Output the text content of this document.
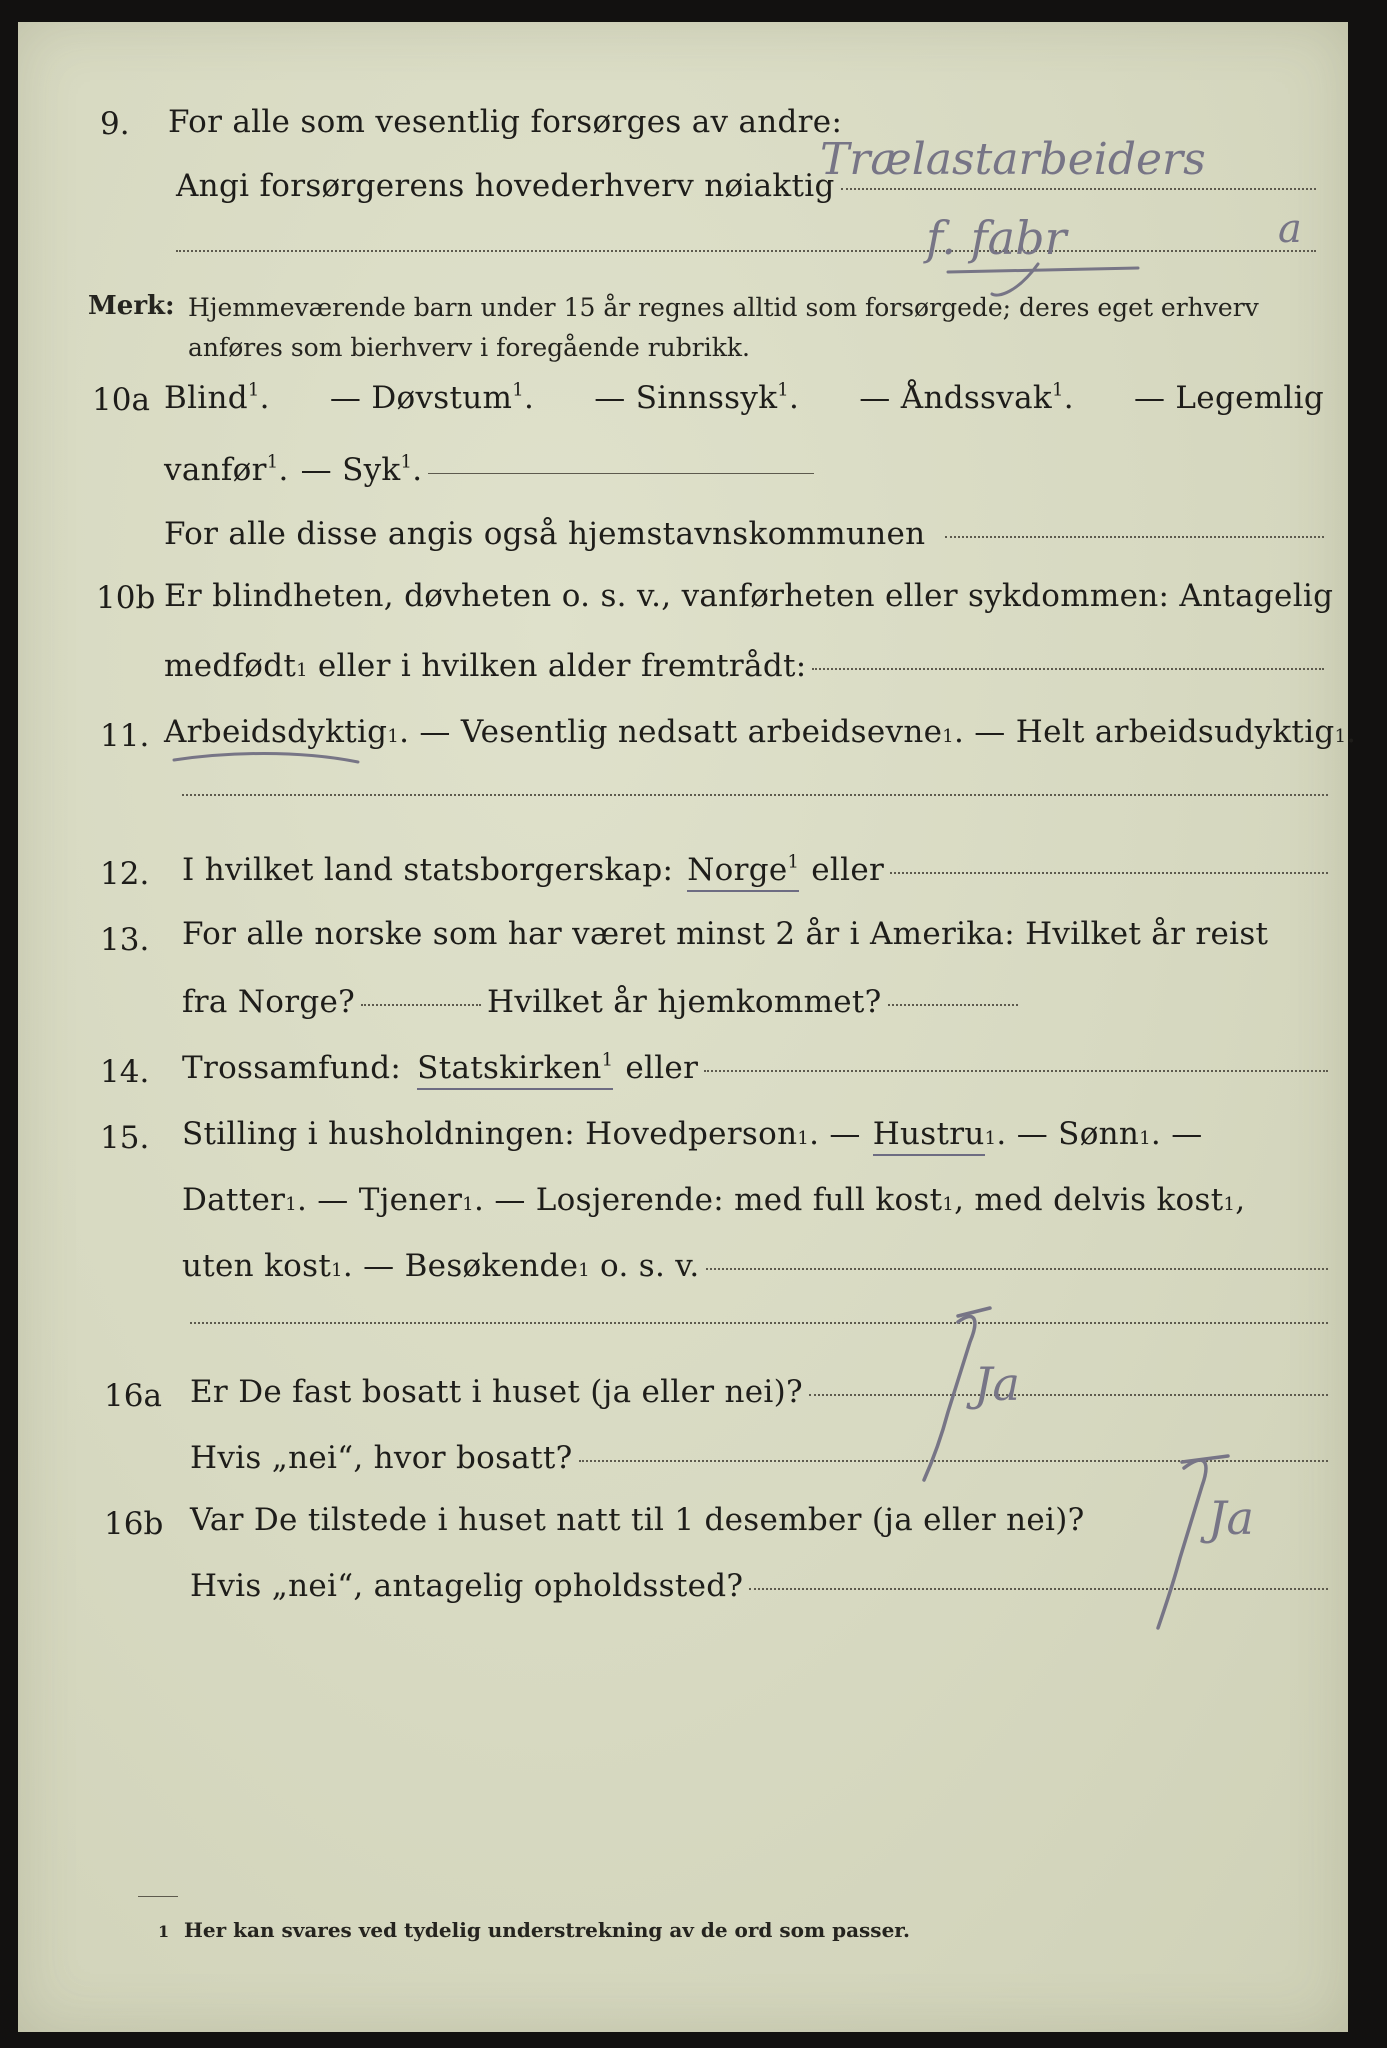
9. For alle som vesentlig forsørges av andre:
Angi forsørgerens hovederhverv nøiaktig
Trælastarbeiders
f. fabr	a
Merk: Hjemmeværende barn under 15 år regnes alltid som forsørgede; deres eget erhverv
anføres som bierhverv i foregående rubrikk.
10a Blind$^1$. — Døvstum$^1$. — Sinnssyk$^1$. — Åndssvak$^1$. — Legemlig
vanfør$^1$. — Syk$^1$.
For alle disse angis også hjemstavnskommunen
10b Er blindheten, døvheten o. s. v., vanførheten eller sykdommen: Antagelig
medfødt 1 eller i hvilken alder fremtrådt:
11. Arbeidsdyktig 1 . — Vesentlig nedsatt arbeidsevne 1 . — Helt arbeidsudyktig 1 .
12. I hvilket land statsborgerskap: Norge$^1$ eller
13. For alle norske som har været minst 2 år i Amerika: Hvilket år reist
fra Norge?	Hvilket år hjemkommet?
14. Trossamfund: Statskirken$^1$ eller
15. Stilling i husholdningen: Hovedperson 1 . — Hustru 1 . — Sønn 1 . —
Datter 1 . — Tjener 1 . — Losjerende: med full kost 1 , med delvis kost 1 ,
uten kost 1 . — Besøkende 1 o. s. v.
16a Er De fast bosatt i huset (ja eller nei)?
Hvis „nei“, hvor bosatt?
Ja
16b Var De tilstede i huset natt til 1 desember (ja eller nei)?
Hvis „nei“, antagelig opholdssted?
Ja
1 Her kan svares ved tydelig understrekning av de ord som passer.
